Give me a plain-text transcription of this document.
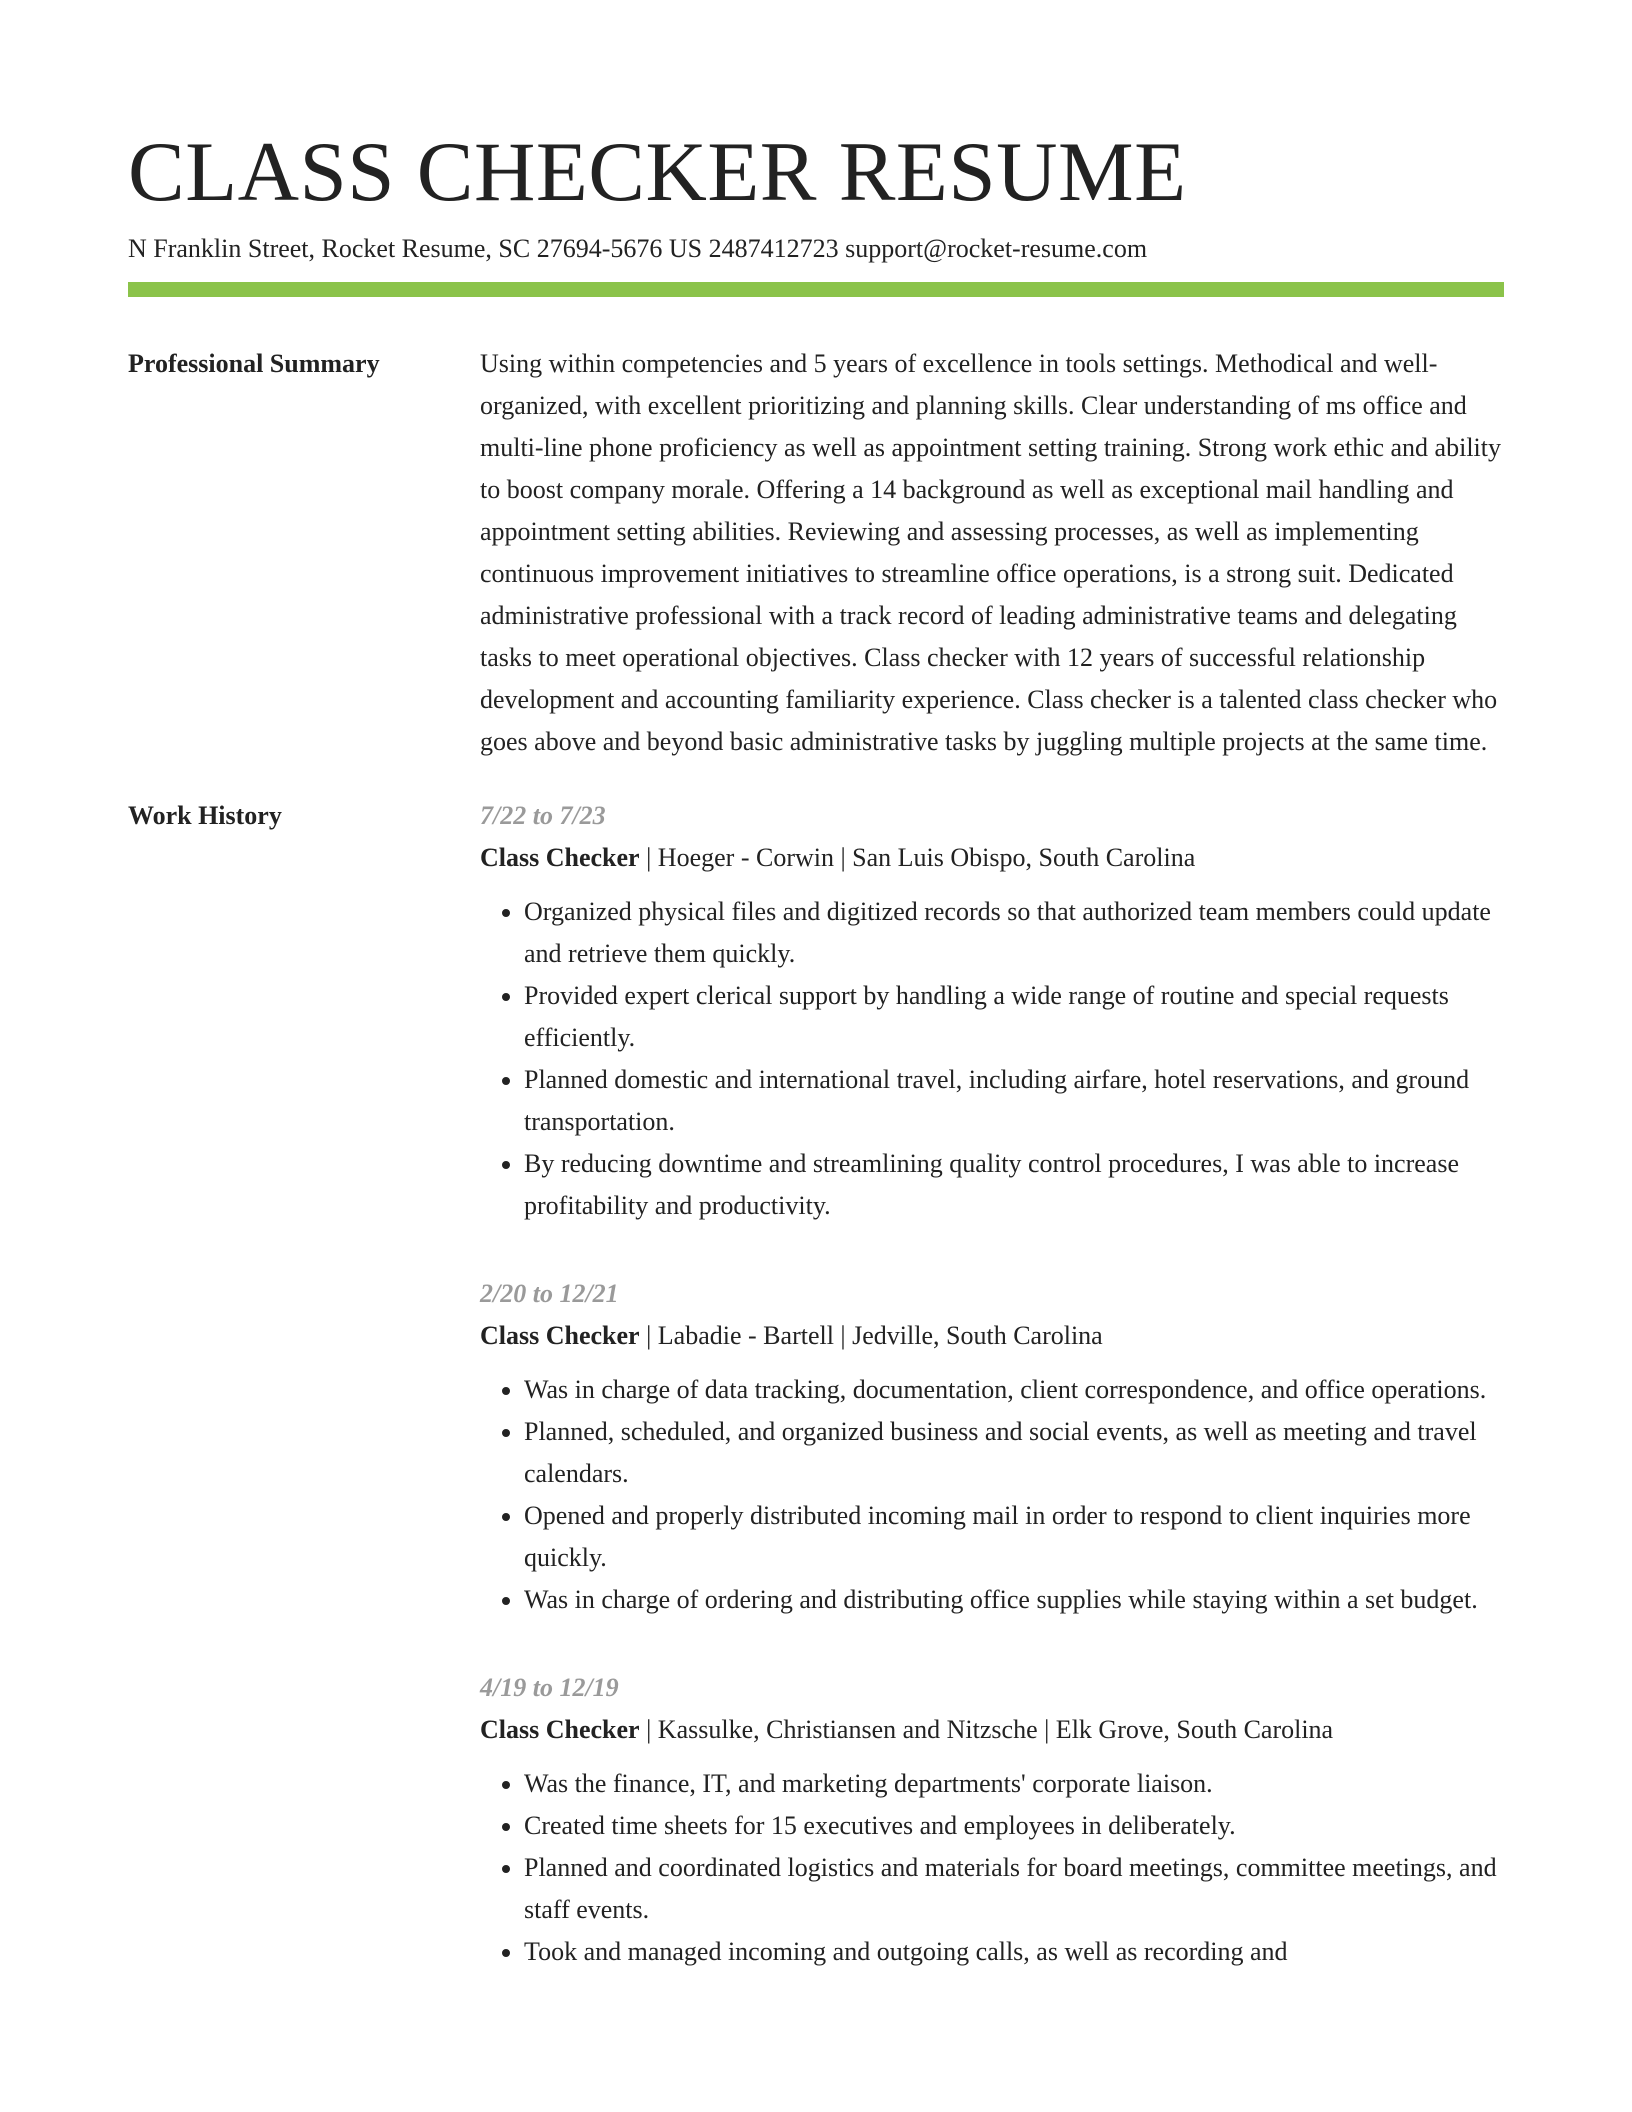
CLASS CHECKER RESUME
N Franklin Street, Rocket Resume, SC 27694-5676 US 2487412723 support@rocket-resume.com
Professional Summary	Using within competencies and 5 years of excellence in tools settings. Methodical and well-organized, with excellent prioritizing and planning skills. Clear understanding of ms office and multi-line phone proficiency as well as appointment setting training. Strong work ethic and ability to boost company morale. Offering a 14 background as well as exceptional mail handling and appointment setting abilities. Reviewing and assessing processes, as well as implementing continuous improvement initiatives to streamline office operations, is a strong suit. Dedicated administrative professional with a track record of leading administrative teams and delegating tasks to meet operational objectives. Class checker with 12 years of successful relationship development and accounting familiarity experience. Class checker is a talented class checker who goes above and beyond basic administrative tasks by juggling multiple projects at the same time.

Work History	7/22 to 7/23
Class Checker | Hoeger - Corwin | San Luis Obispo, South Carolina
• Organized physical files and digitized records so that authorized team members could update and retrieve them quickly.
• Provided expert clerical support by handling a wide range of routine and special requests efficiently.
• Planned domestic and international travel, including airfare, hotel reservations, and ground transportation.
• By reducing downtime and streamlining quality control procedures, I was able to increase profitability and productivity.
2/20 to 12/21
Class Checker | Labadie - Bartell | Jedville, South Carolina
• Was in charge of data tracking, documentation, client correspondence, and office operations.
• Planned, scheduled, and organized business and social events, as well as meeting and travel calendars.
• Opened and properly distributed incoming mail in order to respond to client inquiries more quickly.
• Was in charge of ordering and distributing office supplies while staying within a set budget.
4/19 to 12/19
Class Checker | Kassulke, Christiansen and Nitzsche | Elk Grove, South Carolina
• Was the finance, IT, and marketing departments' corporate liaison.
• Created time sheets for 15 executives and employees in deliberately.
• Planned and coordinated logistics and materials for board meetings, committee meetings, and staff events.
• Took and managed incoming and outgoing calls, as well as recording and
